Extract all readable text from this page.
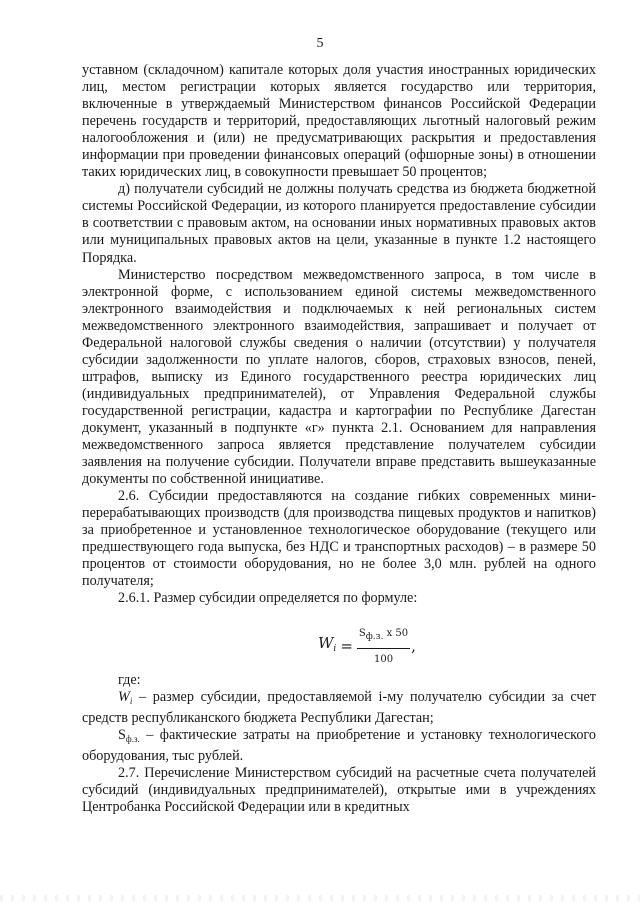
5

уставном (складочном) капитале которых доля участия иностранных юридических лиц, местом регистрации которых является государство или территория, включенные в утверждаемый Министерством финансов Российской Федерации перечень государств и территорий, предоставляющих льготный налоговый режим налогообложения и (или) не предусматривающих раскрытия и предоставления информации при проведении финансовых операций (офшорные зоны) в отношении таких юридических лиц, в совокупности превышает 50 процентов;

д) получатели субсидий не должны получать средства из бюджета бюджетной системы Российской Федерации, из которого планируется предоставление субсидии в соответствии с правовым актом, на основании иных нормативных правовых актов или муниципальных правовых актов на цели, указанные в пункте 1.2 настоящего Порядка.

Министерство посредством межведомственного запроса, в том числе в электронной форме, с использованием единой системы межведомственного электронного взаимодействия и подключаемых к ней региональных систем межведомственного электронного взаимодействия, запрашивает и получает от Федеральной налоговой службы сведения о наличии (отсутствии) у получателя субсидии задолженности по уплате налогов, сборов, страховых взносов, пеней, штрафов, выписку из Единого государственного реестра юридических лиц (индивидуальных предпринимателей), от Управления Федеральной службы государственной регистрации, кадастра и картографии по Республике Дагестан документ, указанный в подпункте «г» пункта 2.1. Основанием для направления межведомственного запроса является представление получателем субсидии заявления на получение субсидии. Получатели вправе представить вышеуказанные документы по собственной инициативе.

2.6. Субсидии предоставляются на создание гибких современных мини-перерабатывающих производств (для производства пищевых продуктов и напитков) за приобретенное и установленное технологическое оборудование (текущего или предшествующего года выпуска, без НДС и транспортных расходов) – в размере 50 процентов от стоимости оборудования, но не более 3,0 млн. рублей на одного получателя;

2.6.1. Размер субсидии определяется по формуле:

$W_i = \frac{Sф.з. x 50}{100}$ ,

где:

$W_i$ – размер субсидии, предоставляемой i-му получателю субсидии за счет средств республиканского бюджета Республики Дагестан;

$S_{ф.з.}$ – фактические затраты на приобретение и установку технологического оборудования, тыс рублей.

2.7. Перечисление Министерством субсидий на расчетные счета получателей субсидий (индивидуальных предпринимателей), открытые ими в учреждениях Центробанка Российской Федерации или в кредитных
